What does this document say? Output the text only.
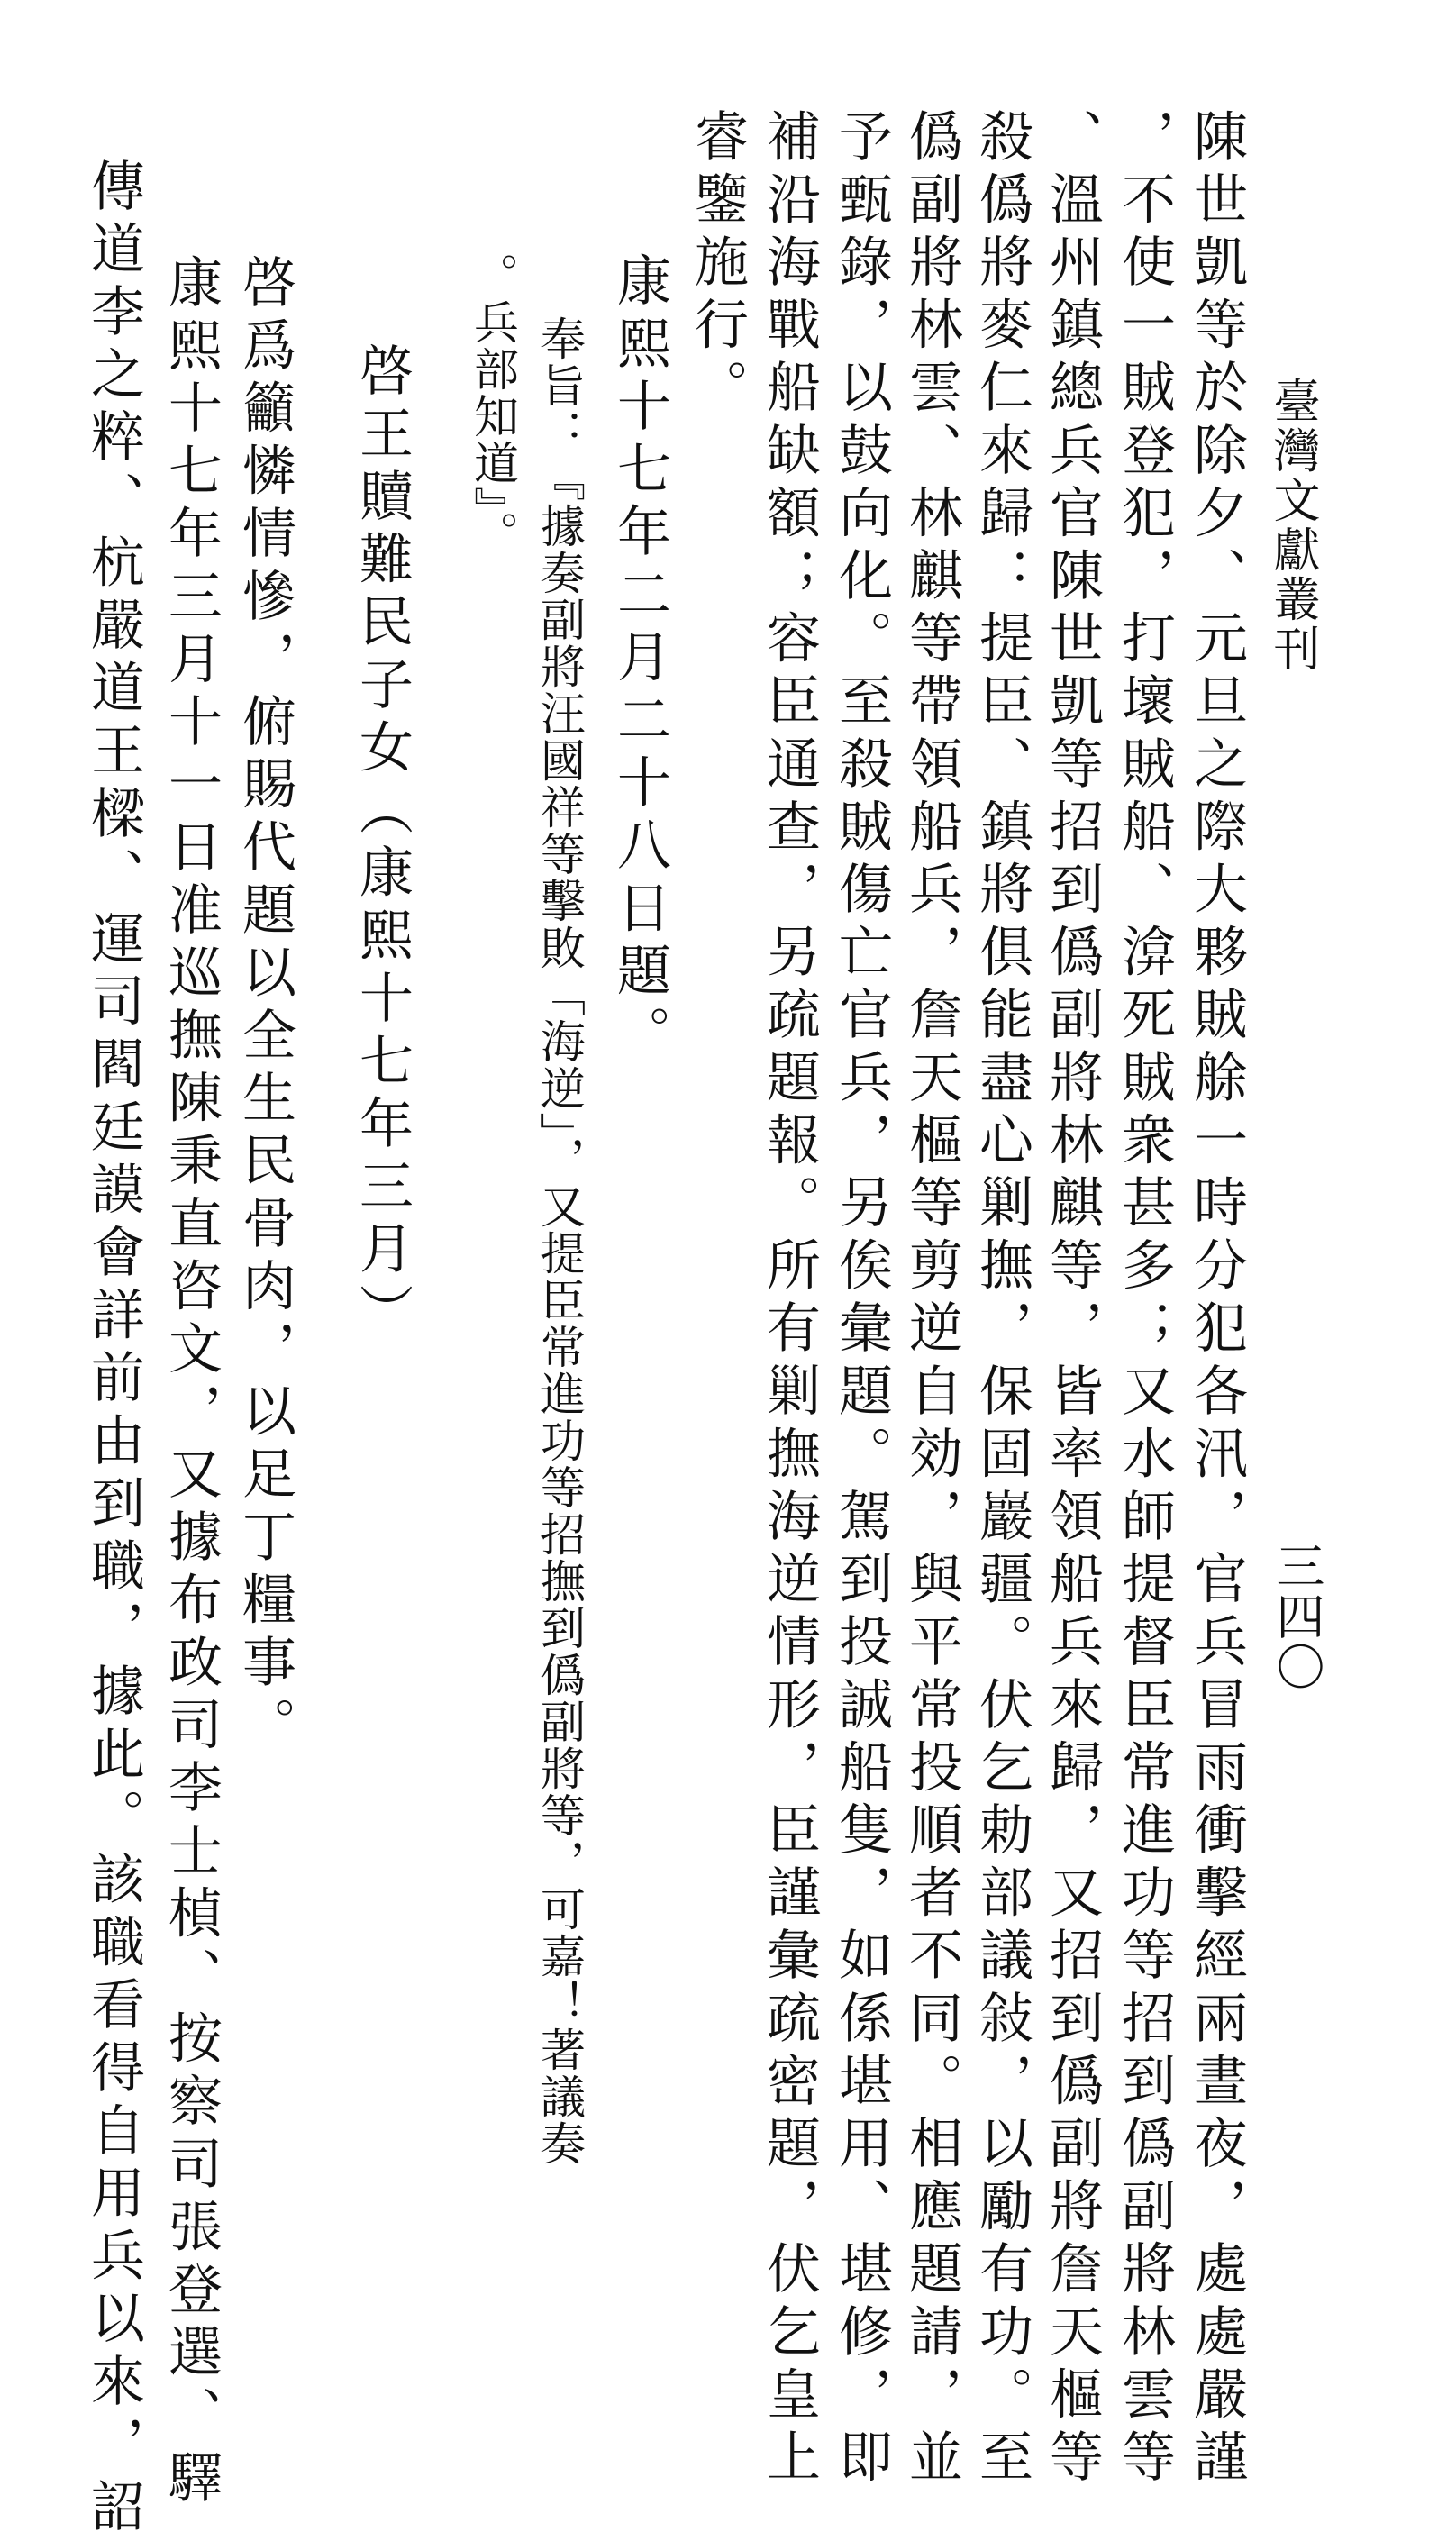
臺灣文獻叢刊
三四〇
陳世凱等於除夕、元旦之際大夥賊艅一時分犯各汛，官兵冒雨衝擊經兩晝夜，處處嚴謹
，不使一賊登犯，打壞賊船、渰死賊衆甚多；又水師提督臣常進功等招到僞副將林雲等
、溫州鎮總兵官陳世凱等招到僞副將林麒等，皆率領船兵來歸，又招到僞副將詹天樞等
殺僞將麥仁來歸：提臣、鎮將俱能盡心剿撫，保固巖疆。伏乞勅部議敍，以勵有功。至
僞副將林雲、林麒等帶領船兵，詹天樞等剪逆自効，與平常投順者不同。相應題請，並
予甄錄，以鼓向化。至殺賊傷亡官兵，另俟彙題。駕到投誠船隻，如係堪用、堪修，即
補沿海戰船缺額；容臣通查，另疏題報。所有剿撫海逆情形，臣謹彙疏密題，伏乞皇上
睿鑒施行。
康熙十七年二月二十八日題。
奉旨：『據奏副將汪國祥等擊敗「海逆」，又提臣常進功等招撫到僞副將等，可嘉！著議奏
。兵部知道』。
啓王贖難民子女（康熙十七年三月）
啓爲籲憐情慘，俯賜代題以全生民骨肉，以足丁糧事。
康熙十七年三月十一日准巡撫陳秉直咨文，又據布政司李士楨、按察司張登選、驛
傳道李之粹、杭嚴道王樑、運司閻廷謨會詳前由到職，據此。該職看得自用兵以來，詔
